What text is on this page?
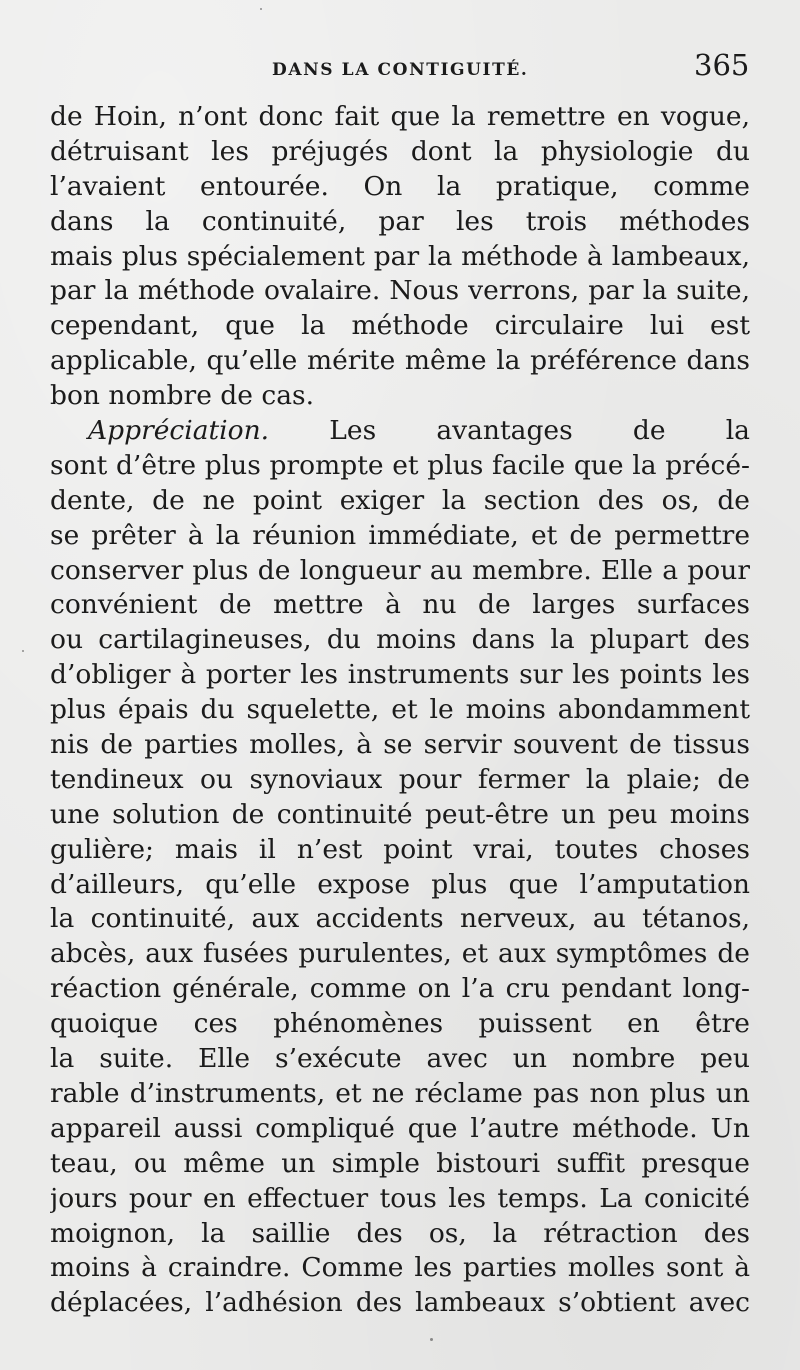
DANS LA CONTIGUITÉ.	365
de Hoin, n’ont donc fait que la remettre en vogue,
détruisant les préjugés dont la physiologie du
l’avaient entourée. On la pratique, comme
dans la continuité, par les trois méthodes
mais plus spécialement par la méthode à lambeaux,
par la méthode ovalaire. Nous verrons, par la suite,
cependant, que la méthode circulaire lui est
applicable, qu’elle mérite même la préférence dans
bon nombre de cas.
Appréciation. Les avantages de la
sont d’être plus prompte et plus facile que la précé-
dente, de ne point exiger la section des os, de
se prêter à la réunion immédiate, et de permettre
conserver plus de longueur au membre. Elle a pour
convénient de mettre à nu de larges surfaces
ou cartilagineuses, du moins dans la plupart des
d’obliger à porter les instruments sur les points les
plus épais du squelette, et le moins abondamment
nis de parties molles, à se servir souvent de tissus
tendineux ou synoviaux pour fermer la plaie; de
une solution de continuité peut-être un peu moins
gulière; mais il n’est point vrai, toutes choses
d’ailleurs, qu’elle expose plus que l’amputation
la continuité, aux accidents nerveux, au tétanos,
abcès, aux fusées purulentes, et aux symptômes de
réaction générale, comme on l’a cru pendant long-
quoique ces phénomènes puissent en être
la suite. Elle s’exécute avec un nombre peu
rable d’instruments, et ne réclame pas non plus un
appareil aussi compliqué que l’autre méthode. Un
teau, ou même un simple bistouri suffit presque
jours pour en effectuer tous les temps. La conicité
moignon, la saillie des os, la rétraction des
moins à craindre. Comme les parties molles sont à
déplacées, l’adhésion des lambeaux s’obtient avec
